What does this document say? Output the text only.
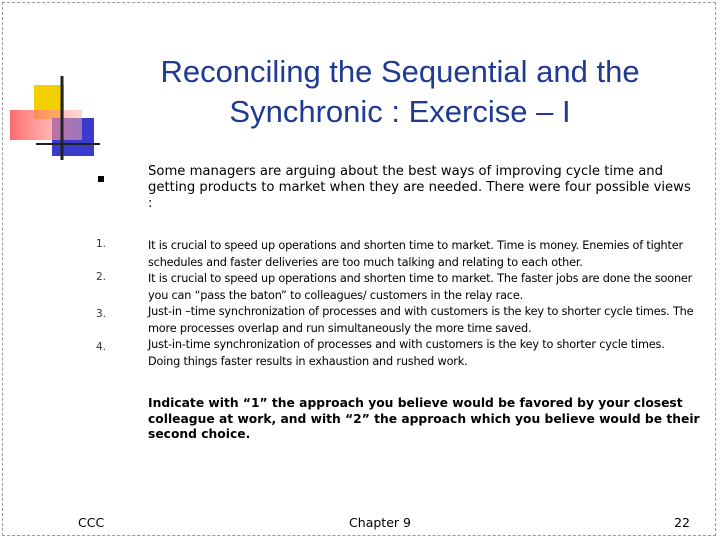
Reconciling the Sequential and the
Synchronic : Exercise – I
Some managers are arguing about the best ways of improving cycle time and getting products to market when they are needed. There were four possible views :
1.
2.
3.
4.
It is crucial to speed up operations and shorten time to market. Time is money. Enemies of tighter schedules and faster deliveries are too much talking and relating to each other.
It is crucial to speed up operations and shorten time to market. The faster jobs are done the sooner you can “pass the baton” to colleagues/ customers in the relay race.
Just-in –time synchronization of processes and with customers is the key to shorter cycle times. The more processes overlap and run simultaneously the more time saved.
Just-in-time synchronization of processes and with customers is the key to shorter cycle times. Doing things faster results in exhaustion and rushed work.
Indicate with “1” the approach you believe would be favored by your closest colleague at work, and with “2” the approach which you believe would be their second choice.
CCC	Chapter 9	22
